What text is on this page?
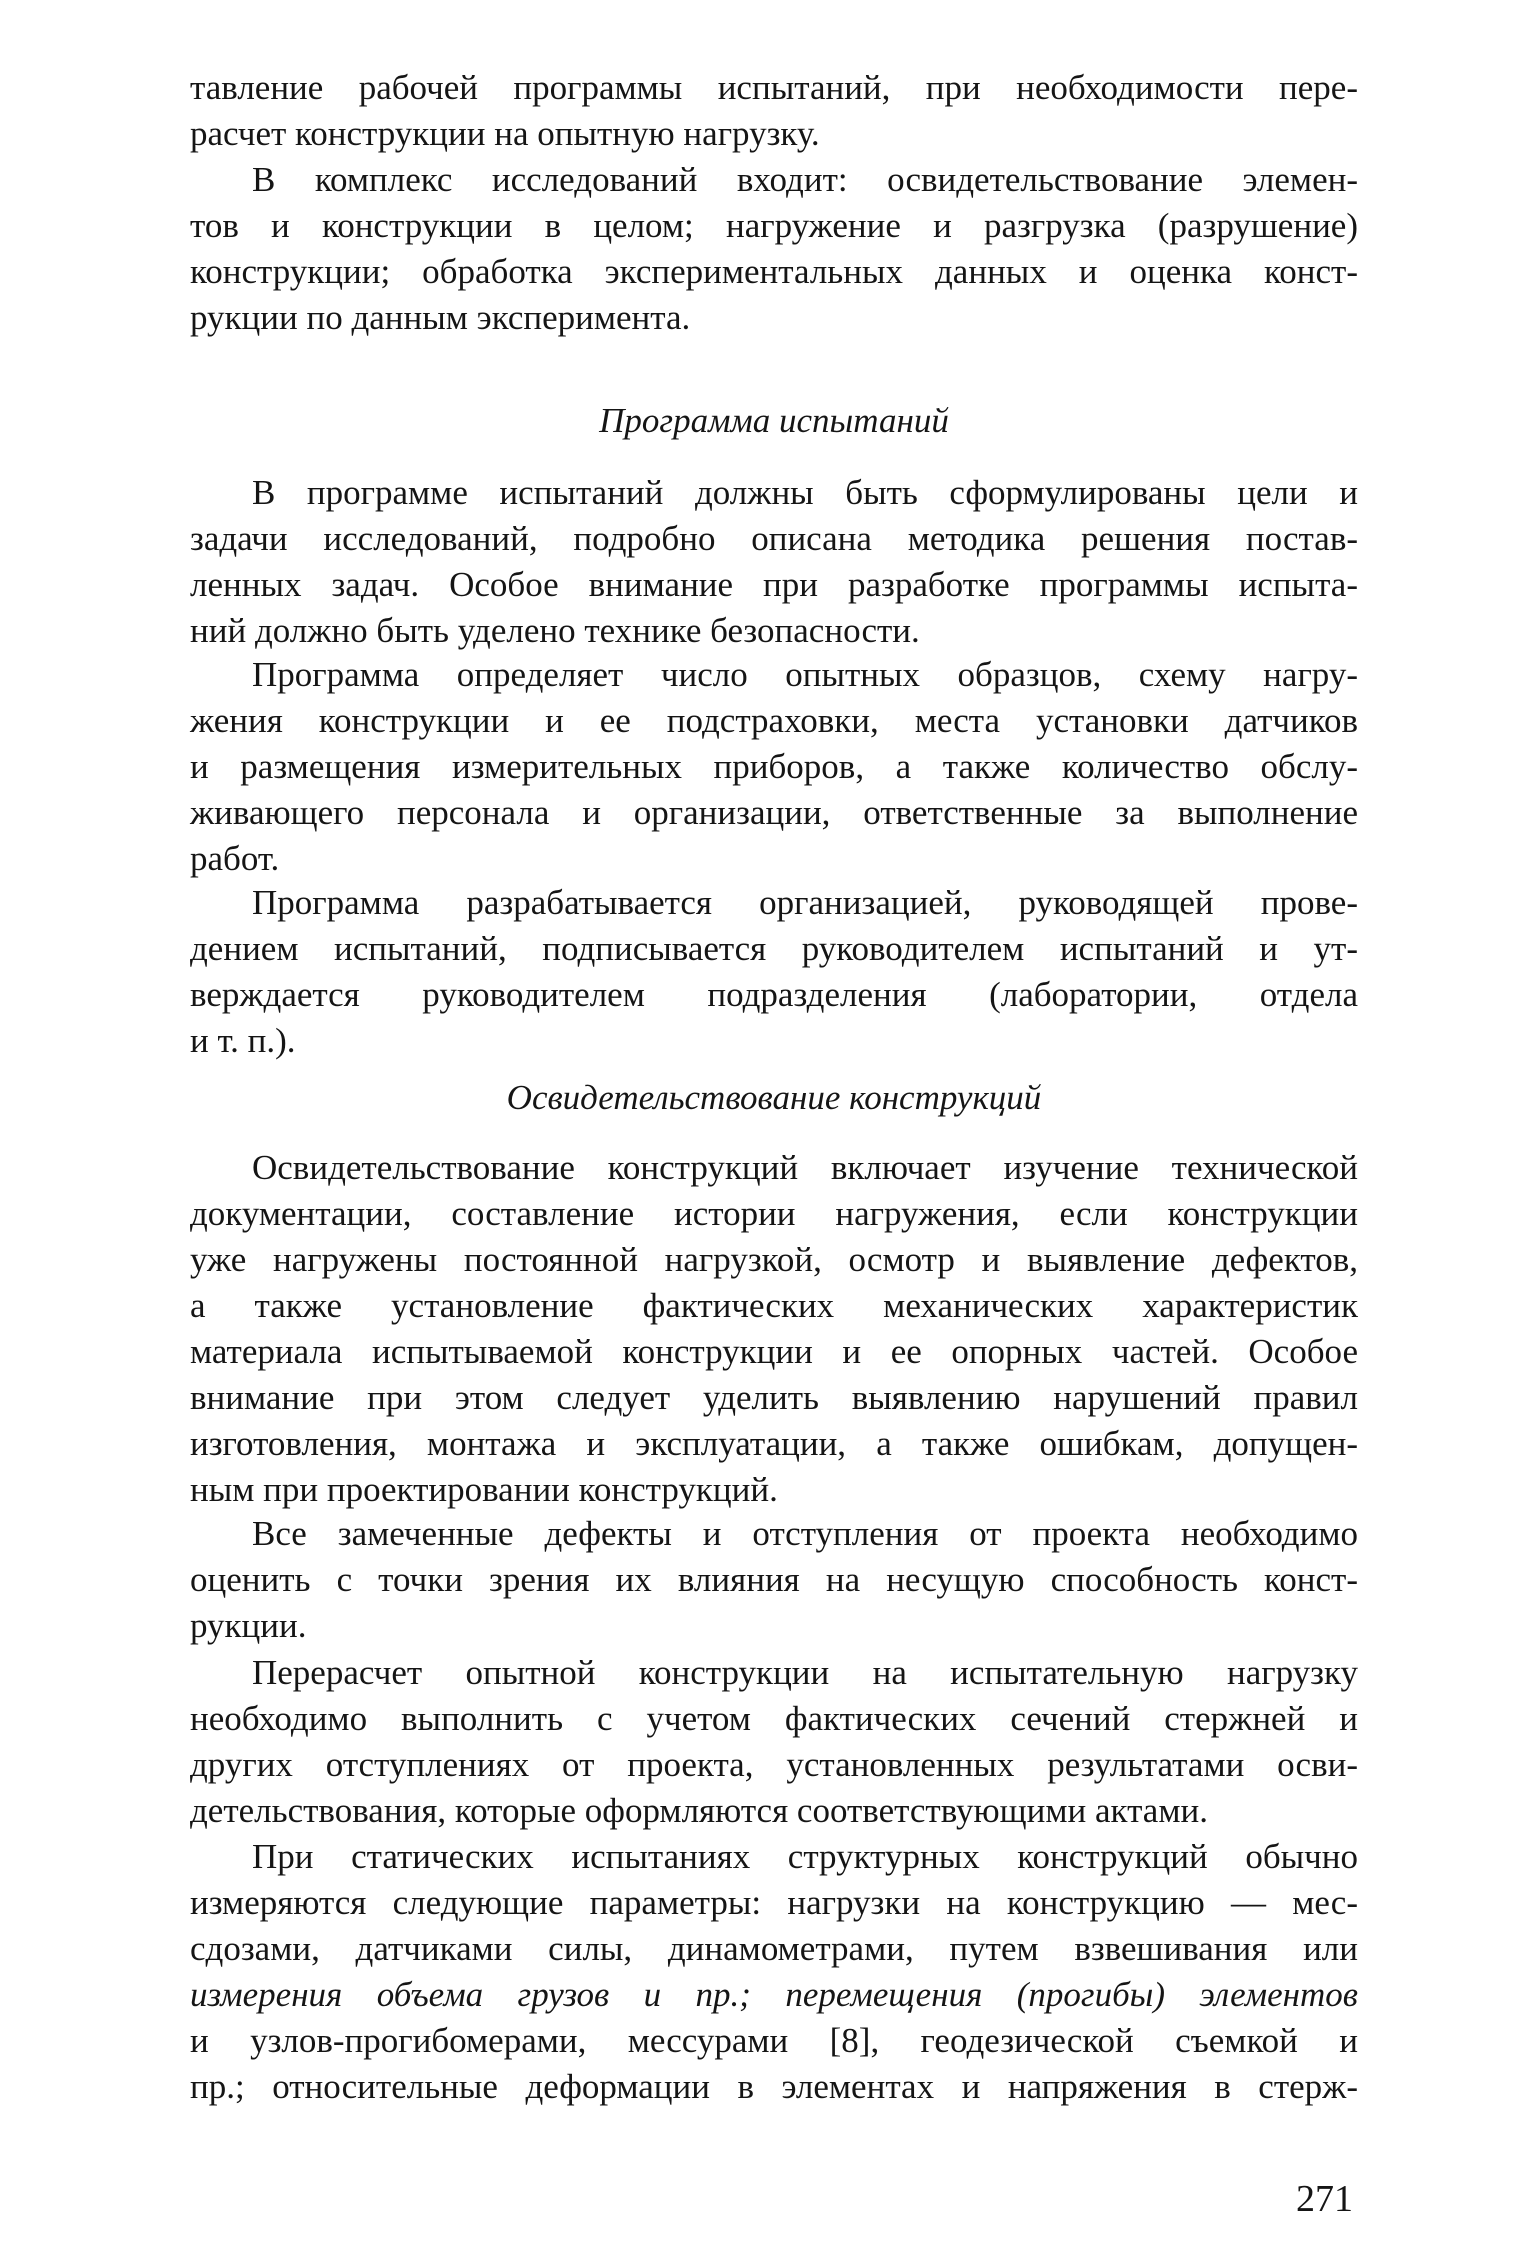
тавление рабочей программы испытаний, при необходимости пере-
расчет конструкции на опытную нагрузку.
В комплекс исследований входит: освидетельствование элемен-
тов и конструкции в целом; нагружение и разгрузка (разрушение)
конструкции; обработка экспериментальных данных и оценка конст-
рукции по данным эксперимента.
Программа испытаний
В программе испытаний должны быть сформулированы цели и
задачи исследований, подробно описана методика решения постав-
ленных задач. Особое внимание при разработке программы испыта-
ний должно быть уделено технике безопасности.
Программа определяет число опытных образцов, схему нагру-
жения конструкции и ее подстраховки, места установки датчиков
и размещения измерительных приборов, а также количество обслу-
живающего персонала и организации, ответственные за выполнение
работ.
Программа разрабатывается организацией, руководящей прове-
дением испытаний, подписывается руководителем испытаний и ут-
верждается руководителем подразделения (лаборатории, отдела
и т. п.).
Освидетельствование конструкций
Освидетельствование конструкций включает изучение технической
документации, составление истории нагружения, если конструкции
уже нагружены постоянной нагрузкой, осмотр и выявление дефектов,
а также установление фактических механических характеристик
материала испытываемой конструкции и ее опорных частей. Особое
внимание при этом следует уделить выявлению нарушений правил
изготовления, монтажа и эксплуатации, а также ошибкам, допущен-
ным при проектировании конструкций.
Все замеченные дефекты и отступления от проекта необходимо
оценить с точки зрения их влияния на несущую способность конст-
рукции.
Перерасчет опытной конструкции на испытательную нагрузку
необходимо выполнить с учетом фактических сечений стержней и
других отступлениях от проекта, установленных результатами осви-
детельствования, которые оформляются соответствующими актами.
При статических испытаниях структурных конструкций обычно
измеряются следующие параметры: нагрузки на конструкцию — мес-
сдозами, датчиками силы, динамометрами, путем взвешивания или
измерения объема грузов и пр.; перемещения (прогибы) элементов
и узлов-прогибомерами, мессурами [8], геодезической съемкой и
пр.; относительные деформации в элементах и напряжения в стерж-
271
